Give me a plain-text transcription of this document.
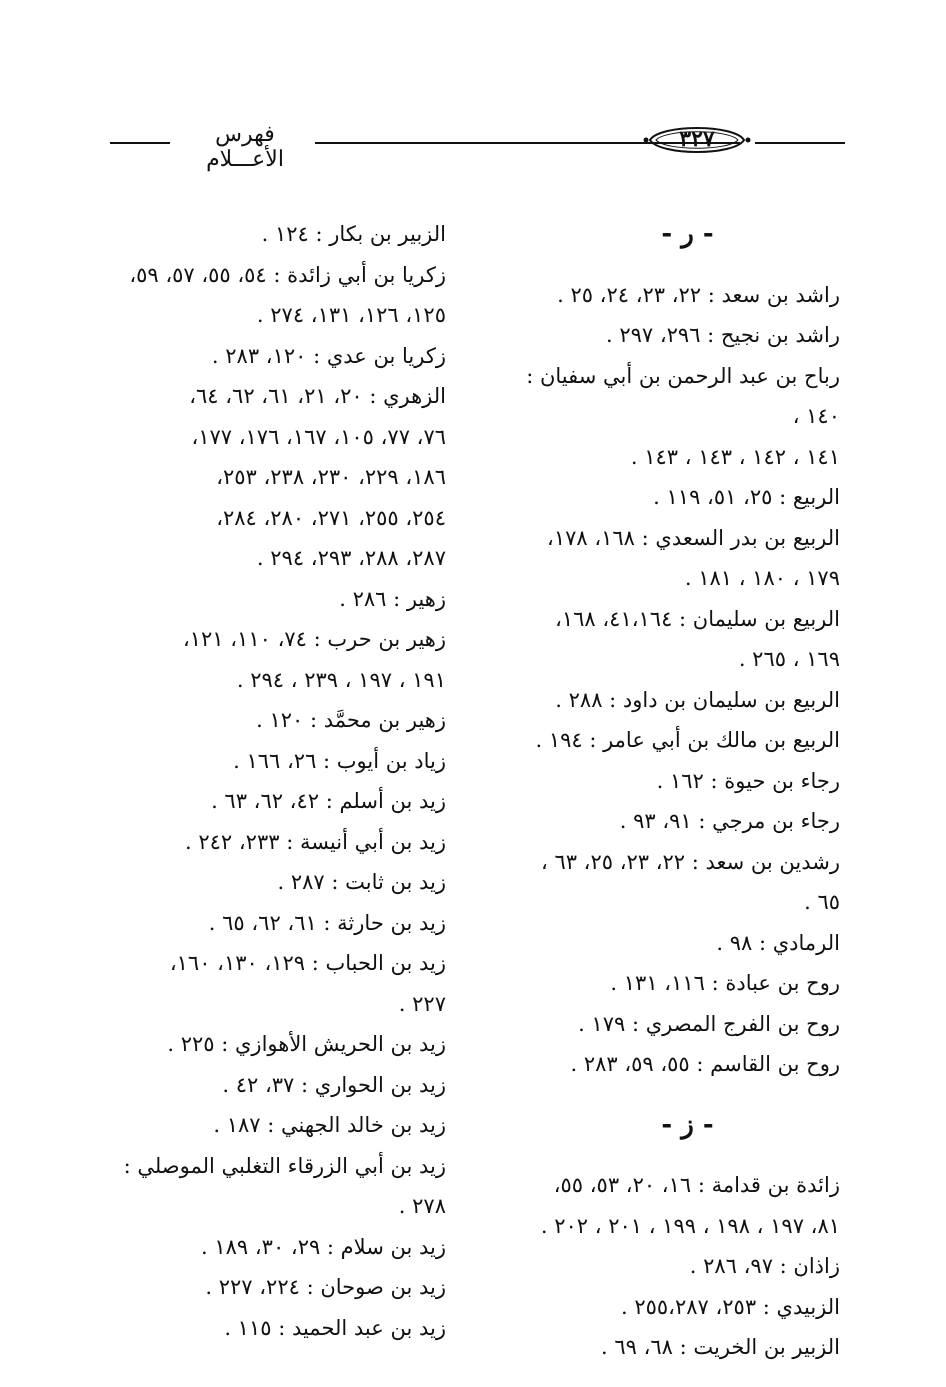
فهرس الأعـــلام
٣٢٧
- ر -
راشد بن سعد : ٢٢، ٢٣، ٢٤، ٢٥ .
راشد بن نجيح : ٢٩٦، ٢٩٧ .
رباح بن عبد الرحمن بن أبي سفيان : ١٤٠ ،
١٤١ ، ١٤٢ ، ١٤٣ ، ١٤٣ .
الربيع : ٢٥، ٥١، ١١٩ .
الربيع بن بدر السعدي : ١٦٨، ١٧٨،
١٧٩ ، ١٨٠ ، ١٨١ .
الربيع بن سليمان : ٤١،١٦٤، ١٦٨،
١٦٩ ، ٢٦٥ .
الربيع بن سليمان بن داود : ٢٨٨ .
الربيع بن مالك بن أبي عامر : ١٩٤ .
رجاء بن حيوة : ١٦٢ .
رجاء بن مرجي : ٩١، ٩٣ .
رشدين بن سعد : ٢٢، ٢٣، ٢٥، ٦٣ ،
٦٥ .
الرمادي : ٩٨ .
روح بن عبادة : ١١٦، ١٣١ .
روح بن الفرج المصري : ١٧٩ .
روح بن القاسم : ٥٥، ٥٩، ٢٨٣ .
- ز -
زائدة بن قدامة : ١٦، ٢٠، ٥٣، ٥٥،
٨١، ١٩٧ ، ١٩٨ ، ١٩٩ ، ٢٠١ ، ٢٠٢ .
زاذان : ٩٧، ٢٨٦ .
الزبيدي : ٢٥٣، ٢٥٥،٢٨٧ .
الزبير بن الخريت : ٦٨، ٦٩ .
الزبير بن بكار : ١٢٤ .
زكريا بن أبي زائدة : ٥٤، ٥٥، ٥٧، ٥٩،
١٢٥، ١٢٦، ١٣١، ٢٧٤ .
زكريا بن عدي : ١٢٠، ٢٨٣ .
الزهري : ٢٠، ٢١، ٦١، ٦٢، ٦٤،
٧٦، ٧٧، ١٠٥، ١٦٧، ١٧٦، ١٧٧،
١٨٦، ٢٢٩، ٢٣٠، ٢٣٨، ٢٥٣،
٢٥٤، ٢٥٥، ٢٧١، ٢٨٠، ٢٨٤،
٢٨٧، ٢٨٨، ٢٩٣، ٢٩٤ .
زهير : ٢٨٦ .
زهير بن حرب : ٧٤، ١١٠، ١٢١،
١٩١ ، ١٩٧ ، ٢٣٩ ، ٢٩٤ .
زهير بن محمَّد : ١٢٠ .
زياد بن أيوب : ٢٦، ١٦٦ .
زيد بن أسلم : ٤٢، ٦٢، ٦٣ .
زيد بن أبي أنيسة : ٢٣٣، ٢٤٢ .
زيد بن ثابت : ٢٨٧ .
زيد بن حارثة : ٦١، ٦٢، ٦٥ .
زيد بن الحباب : ١٢٩، ١٣٠، ١٦٠،
٢٢٧ .
زيد بن الحريش الأهوازي : ٢٢٥ .
زيد بن الحواري : ٣٧، ٤٢ .
زيد بن خالد الجهني : ١٨٧ .
زيد بن أبي الزرقاء التغلبي الموصلي : ٢٧٨ .
زيد بن سلام : ٢٩، ٣٠، ١٨٩ .
زيد بن صوحان : ٢٢٤، ٢٢٧ .
زيد بن عبد الحميد : ١١٥ .
